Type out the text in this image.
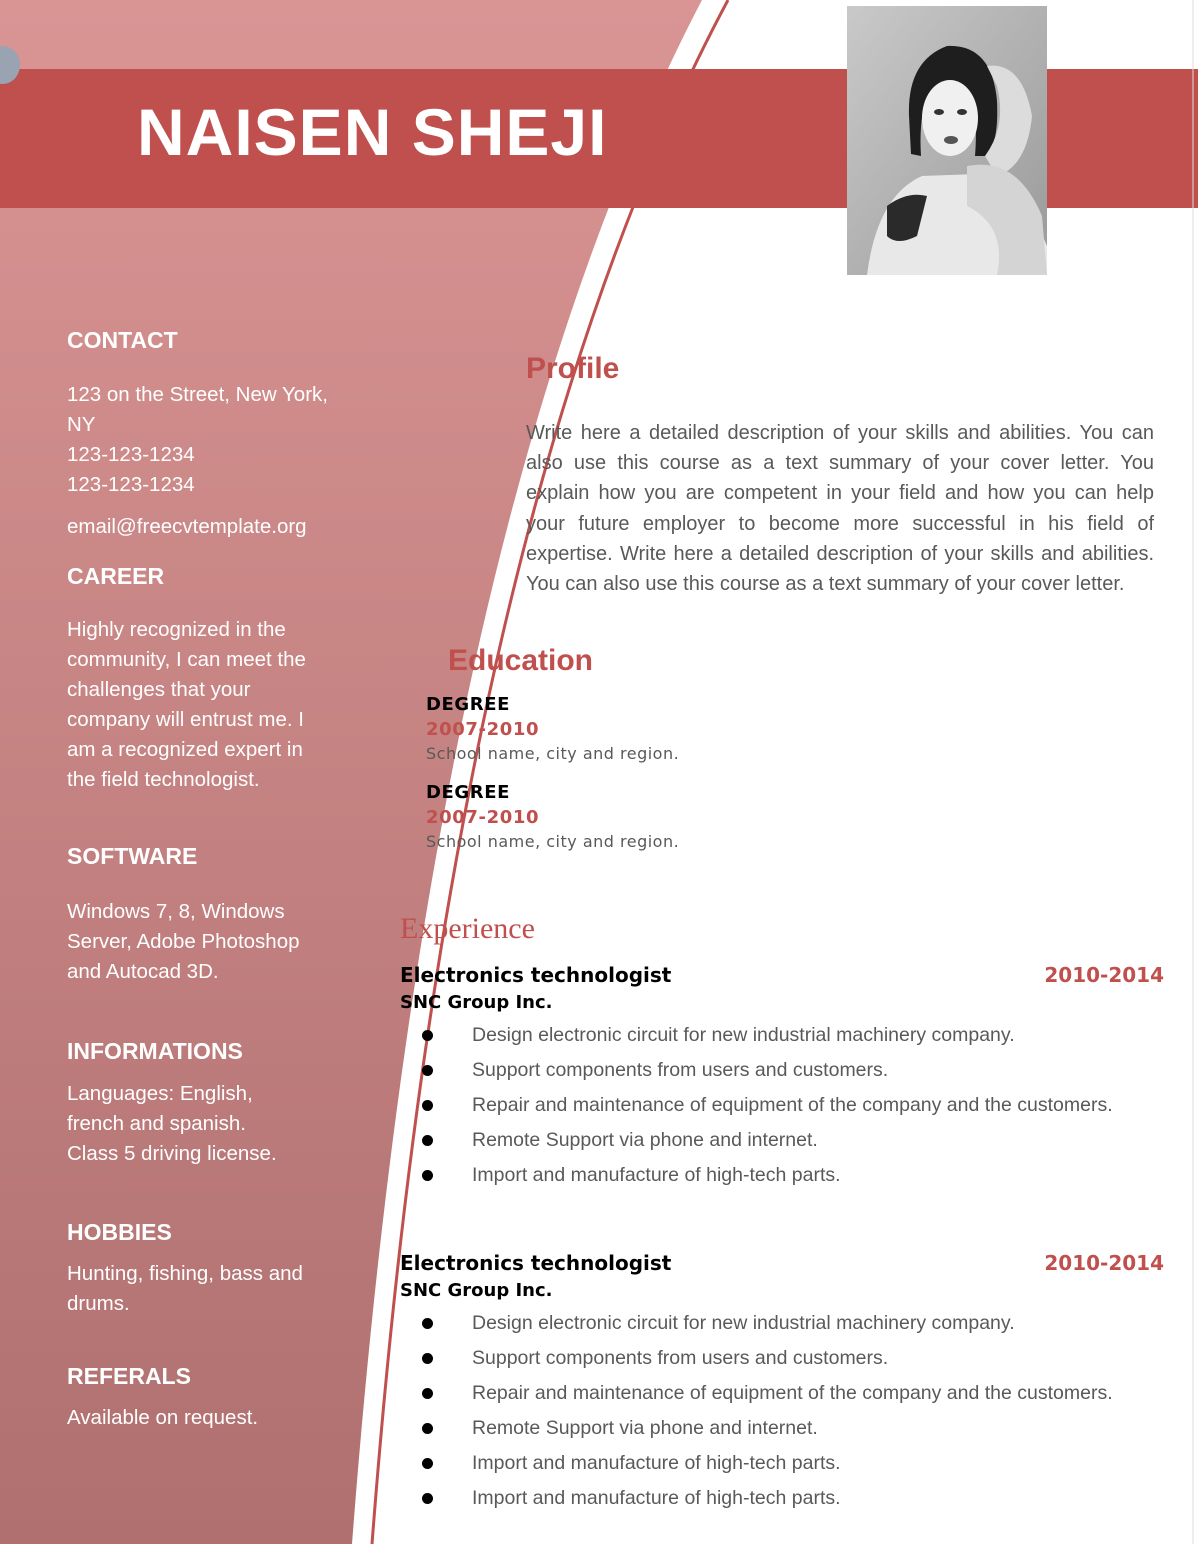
NAISEN SHEJI
CONTACT
123 on the Street, New York,
NY
123-123-1234
123-123-1234
email@freecvtemplate.org
CAREER
Highly recognized in the
community, I can meet the
challenges that your
company will entrust me. I
am a recognized expert in
the field technologist.
SOFTWARE
Windows 7, 8, Windows
Server, Adobe Photoshop
and Autocad 3D.
INFORMATIONS
Languages: English,
french and spanish.
Class 5 driving license.
HOBBIES
Hunting, fishing, bass and
drums.
REFERALS
Available on request.
Profile
Write here a detailed description of your skills and abilities. You can also use this course as a text summary of your cover letter. You explain how you are competent in your field and how you can help your future employer to become more successful in his field of expertise. Write here a detailed description of your skills and abilities. You can also use this course as a text summary of your cover letter.
Education
DEGREE
2007-2010
School name, city and region.
DEGREE
2007-2010
School name, city and region.
Experience
Electronics technologist	2010-2014
SNC Group Inc.
Design electronic circuit for new industrial machinery company.
Support components from users and customers.
Repair and maintenance of equipment of the company and the customers.
Remote Support via phone and internet.
Import and manufacture of high-tech parts.
Electronics technologist	2010-2014
SNC Group Inc.
Design electronic circuit for new industrial machinery company.
Support components from users and customers.
Repair and maintenance of equipment of the company and the customers.
Remote Support via phone and internet.
Import and manufacture of high-tech parts.
Import and manufacture of high-tech parts.
